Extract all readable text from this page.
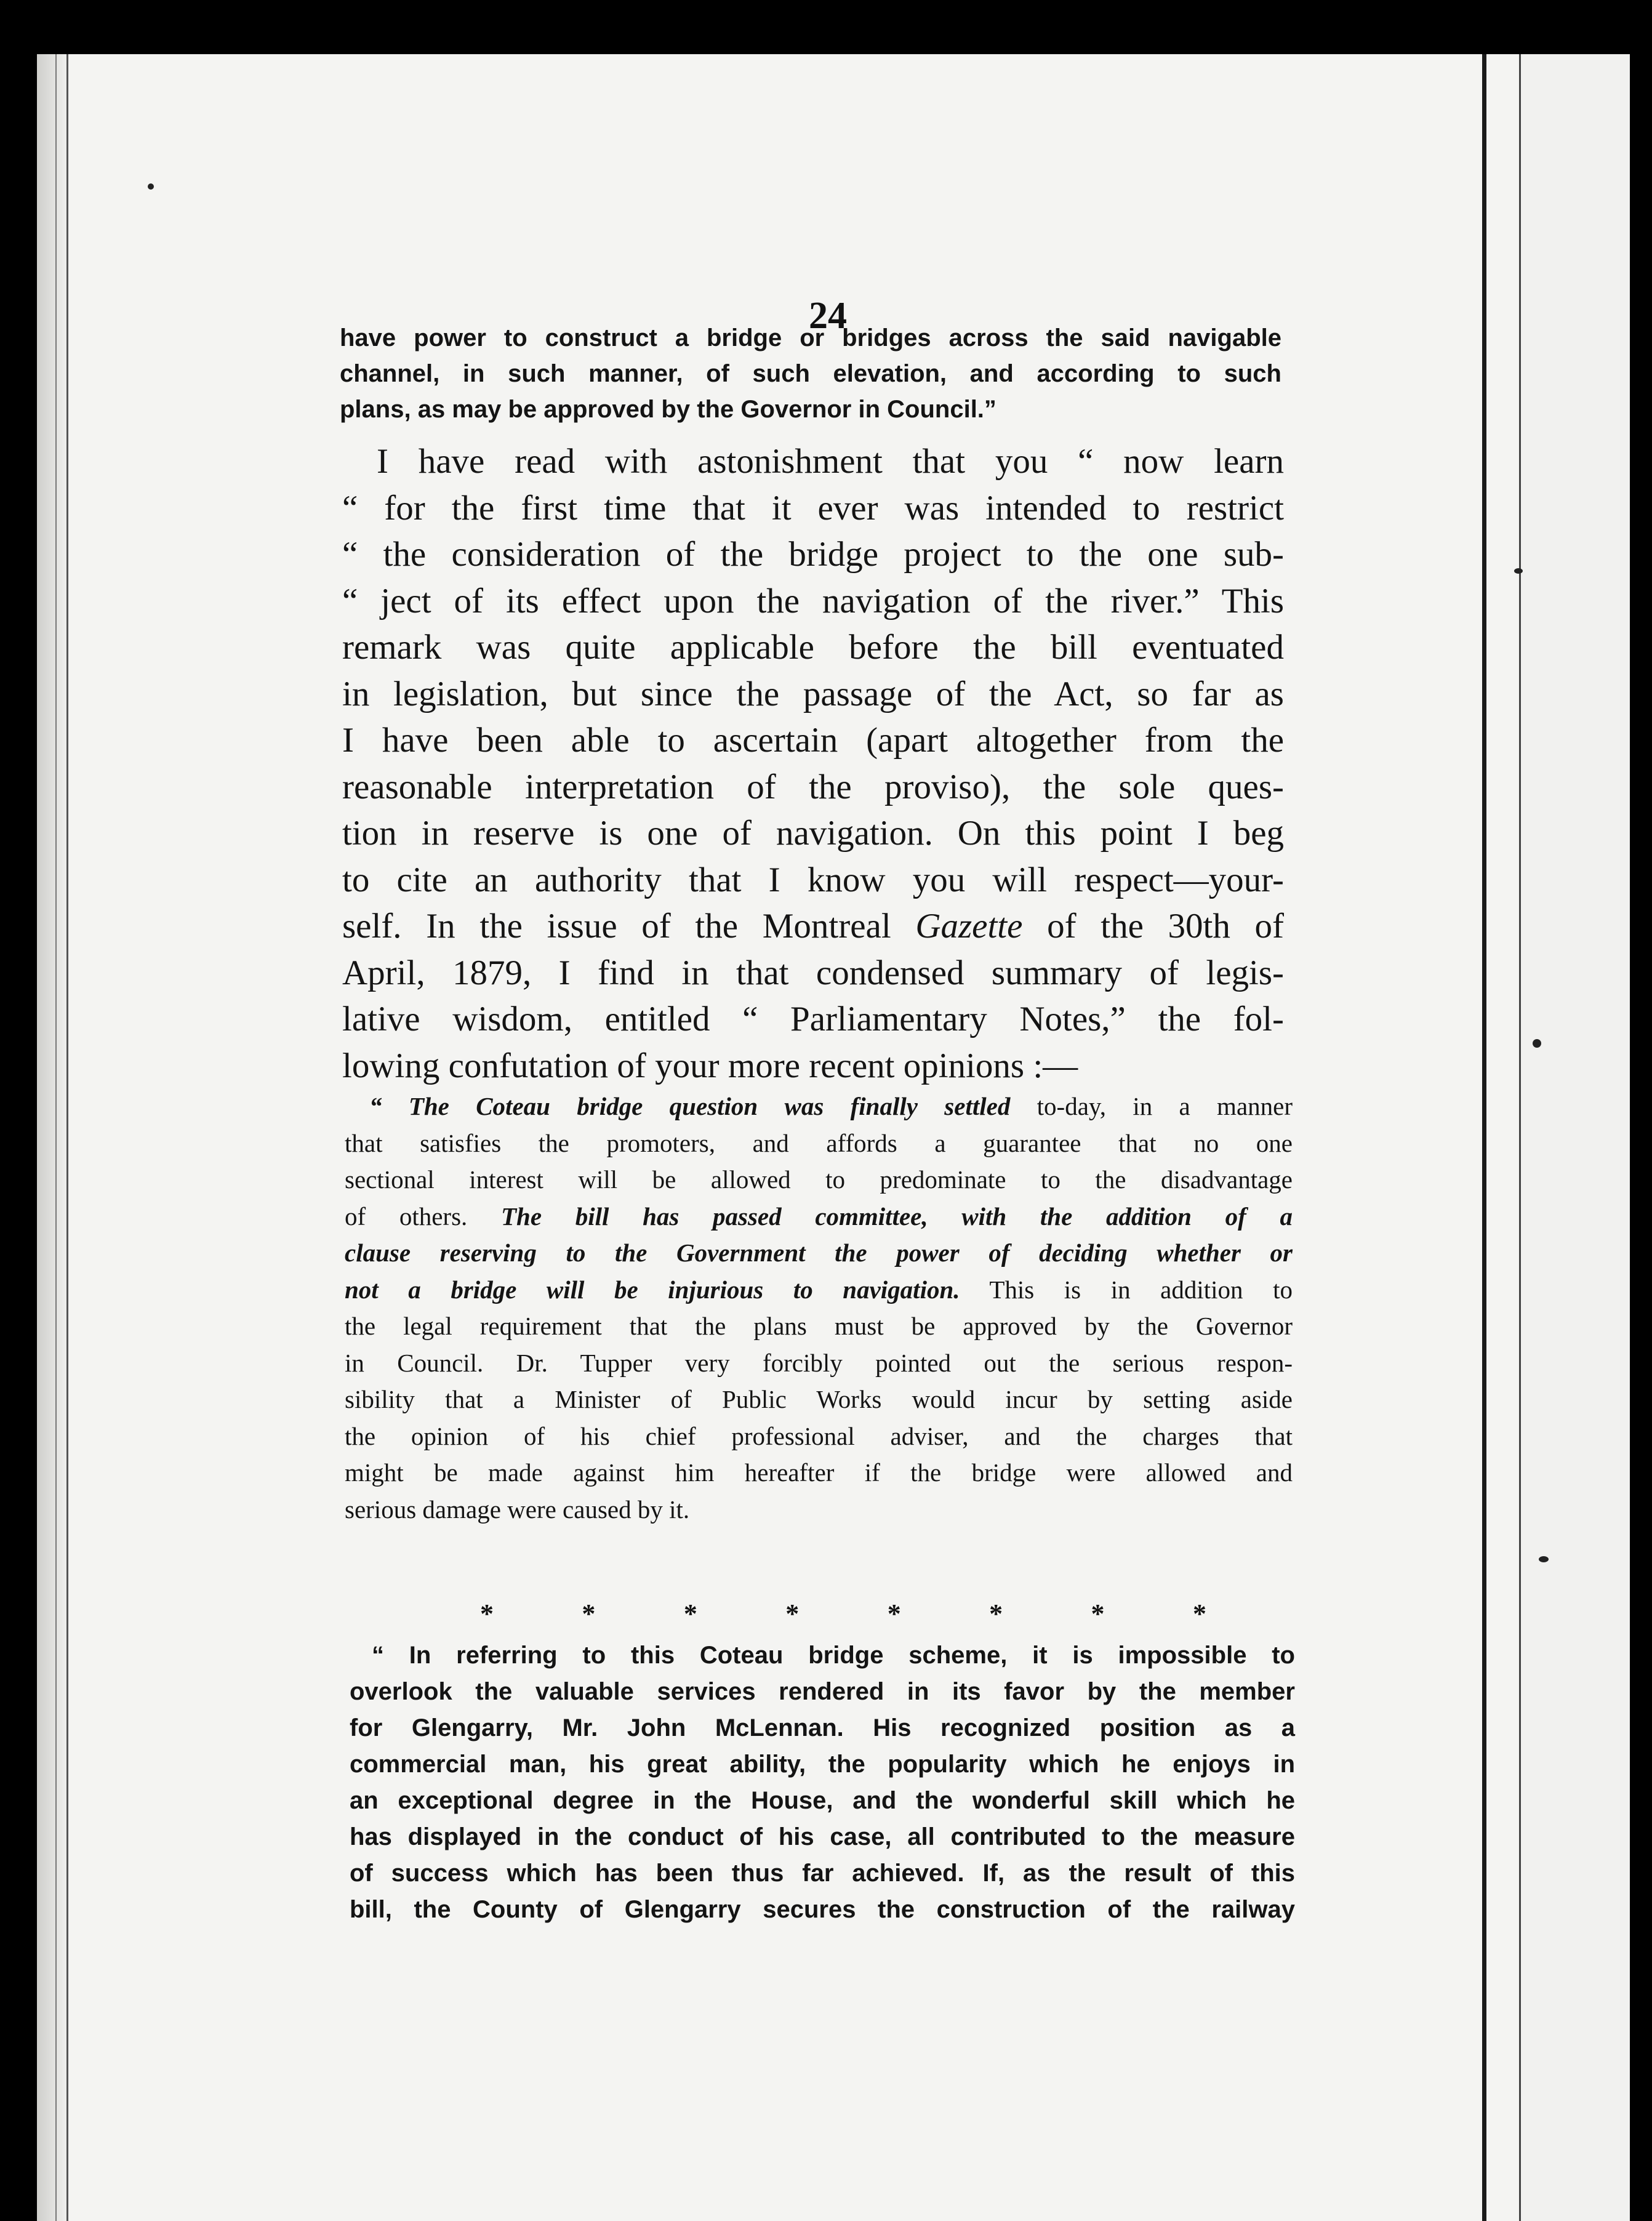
24
have power to construct a bridge or bridges across the said navigable
channel, in such manner, of such elevation, and according to such
plans, as may be approved by the Governor in Council.”
I have read with astonishment that you “ now learn
“ for the first time that it ever was intended to restrict
“ the consideration of the bridge project to the one sub-
“ ject of its effect upon the navigation of the river.” This
remark was quite applicable before the bill eventuated
in legislation, but since the passage of the Act, so far as
I have been able to ascertain (apart altogether from the
reasonable interpretation of the proviso), the sole ques-
tion in reserve is one of navigation. On this point I beg
to cite an authority that I know you will respect—your-
self. In the issue of the Montreal Gazette of the 30th of
April, 1879, I find in that condensed summary of legis-
lative wisdom, entitled “ Parliamentary Notes,” the fol-
lowing confutation of your more recent opinions :—
“ The Coteau bridge question was finally settled to-day, in a manner
that satisfies the promoters, and affords a guarantee that no one
sectional interest will be allowed to predominate to the disadvantage
of others. The bill has passed committee, with the addition of a
clause reserving to the Government the power of deciding whether or
not a bridge will be injurious to navigation. This is in addition to
the legal requirement that the plans must be approved by the Governor
in Council. Dr. Tupper very forcibly pointed out the serious respon-
sibility that a Minister of Public Works would incur by setting aside
the opinion of his chief professional adviser, and the charges that
might be made against him hereafter if the bridge were allowed and
serious damage were caused by it.
*	*	*	*	*	*	*	*
“ In referring to this Coteau bridge scheme, it is impossible to
overlook the valuable services rendered in its favor by the member
for Glengarry, Mr. John McLennan. His recognized position as a
commercial man, his great ability, the popularity which he enjoys in
an exceptional degree in the House, and the wonderful skill which he
has displayed in the conduct of his case, all contributed to the measure
of success which has been thus far achieved. If, as the result of this
bill, the County of Glengarry secures the construction of the railway
